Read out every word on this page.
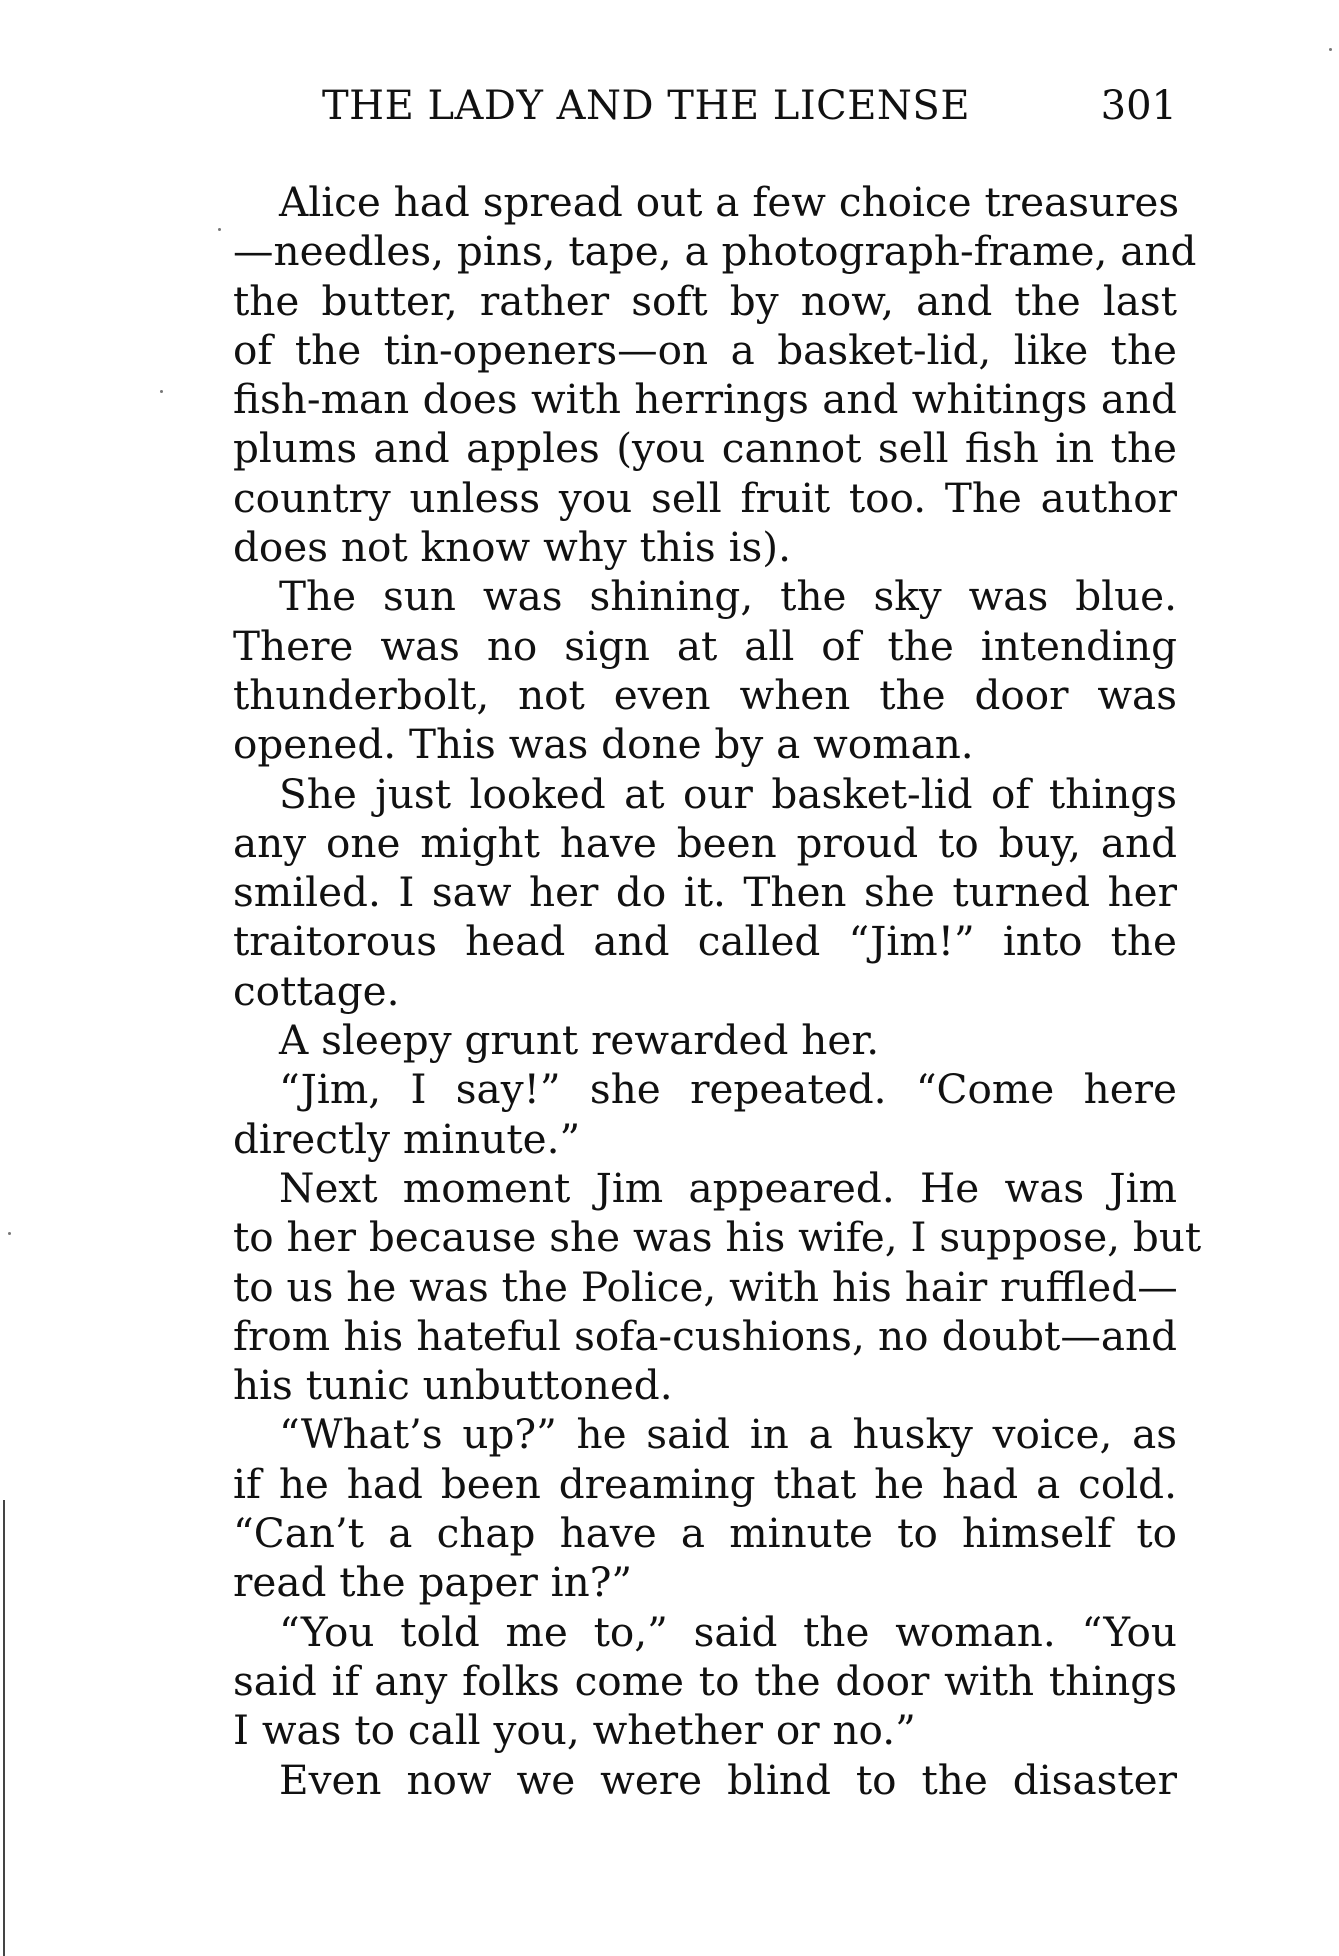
THE LADY AND THE LICENSE	301
Alice had spread out a few choice treasures
—needles, pins, tape, a photograph-frame, and
the butter, rather soft by now, and the last
of the tin-openers—on a basket-lid, like the
fish-man does with herrings and whitings and
plums and apples (you cannot sell fish in the
country unless you sell fruit too. The author
does not know why this is).
The sun was shining, the sky was blue.
There was no sign at all of the intending
thunderbolt, not even when the door was
opened. This was done by a woman.
She just looked at our basket-lid of things
any one might have been proud to buy, and
smiled. I saw her do it. Then she turned her
traitorous head and called “Jim!” into the
cottage.
A sleepy grunt rewarded her.
“Jim, I say!” she repeated. “Come here
directly minute.”
Next moment Jim appeared. He was Jim
to her because she was his wife, I suppose, but
to us he was the Police, with his hair ruffled—
from his hateful sofa-cushions, no doubt—and
his tunic unbuttoned.
“What’s up?” he said in a husky voice, as
if he had been dreaming that he had a cold.
“Can’t a chap have a minute to himself to
read the paper in?”
“You told me to,” said the woman. “You
said if any folks come to the door with things
I was to call you, whether or no.”
Even now we were blind to the disaster
